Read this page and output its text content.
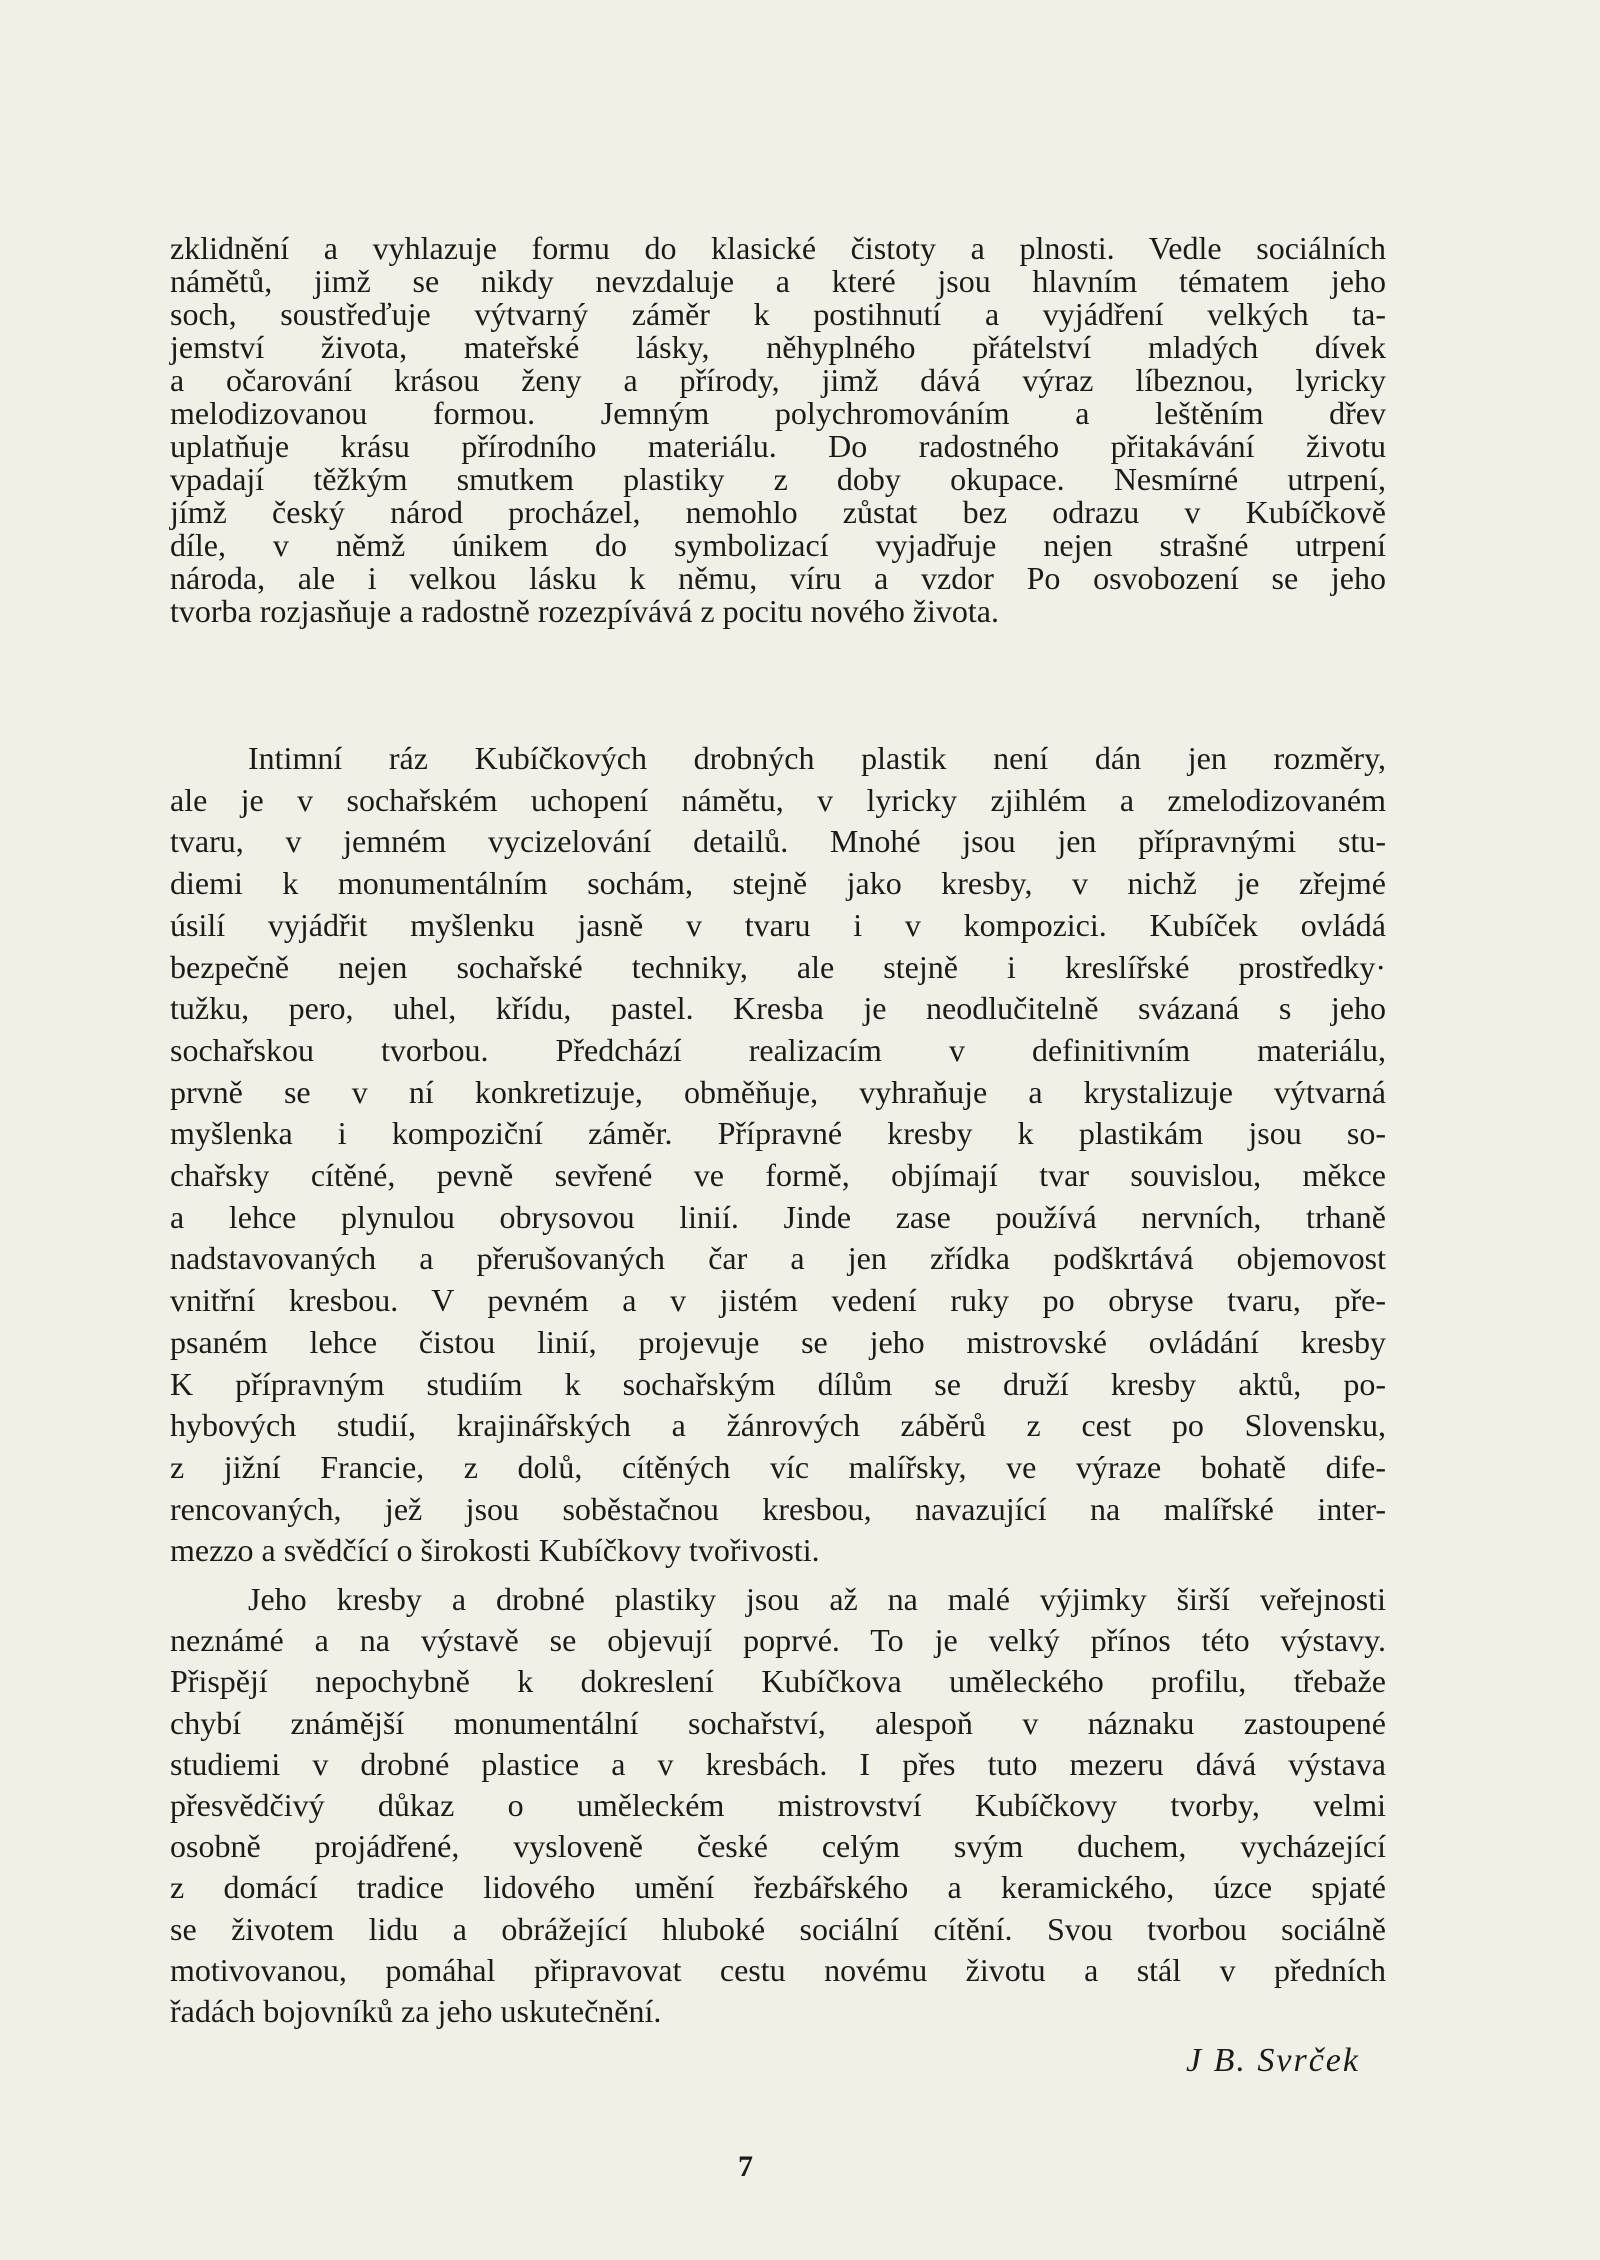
zklidnění a vyhlazuje formu do klasické čistoty a plnosti. Vedle sociálních
námětů, jimž se nikdy nevzdaluje a které jsou hlavním tématem jeho
soch, soustřeďuje výtvarný záměr k postihnutí a vyjádření velkých ta-
jemství života, mateřské lásky, něhyplného přátelství mladých dívek
a očarování krásou ženy a přírody, jimž dává výraz líbeznou, lyricky
melodizovanou formou. Jemným polychromováním a leštěním dřev
uplatňuje krásu přírodního materiálu. Do radostného přitakávání životu
vpadají těžkým smutkem plastiky z doby okupace. Nesmírné utrpení,
jímž český národ procházel, nemohlo zůstat bez odrazu v Kubíčkově
díle, v němž únikem do symbolizací vyjadřuje nejen strašné utrpení
národa, ale i velkou lásku k němu, víru a vzdor Po osvobození se jeho
tvorba rozjasňuje a radostně rozezpívává z pocitu nového života.
Intimní ráz Kubíčkových drobných plastik není dán jen rozměry,
ale je v sochařském uchopení námětu, v lyricky zjihlém a zmelodizovaném
tvaru, v jemném vycizelování detailů. Mnohé jsou jen přípravnými stu-
diemi k monumentálním sochám, stejně jako kresby, v nichž je zřejmé
úsilí vyjádřit myšlenku jasně v tvaru i v kompozici. Kubíček ovládá
bezpečně nejen sochařské techniky, ale stejně i kreslířské prostředky·
tužku, pero, uhel, křídu, pastel. Kresba je neodlučitelně svázaná s jeho
sochařskou tvorbou. Předchází realizacím v definitivním materiálu,
prvně se v ní konkretizuje, obměňuje, vyhraňuje a krystalizuje výtvarná
myšlenka i kompoziční záměr. Přípravné kresby k plastikám jsou so-
chařsky cítěné, pevně sevřené ve formě, objímají tvar souvislou, měkce
a lehce plynulou obrysovou linií. Jinde zase používá nervních, trhaně
nadstavovaných a přerušovaných čar a jen zřídka podškrtává objemovost
vnitřní kresbou. V pevném a v jistém vedení ruky po obryse tvaru, pře-
psaném lehce čistou linií, projevuje se jeho mistrovské ovládání kresby
K přípravným studiím k sochařským dílům se druží kresby aktů, po-
hybových studií, krajinářských a žánrových záběrů z cest po Slovensku,
z jižní Francie, z dolů, cítěných víc malířsky, ve výraze bohatě dife-
rencovaných, jež jsou soběstačnou kresbou, navazující na malířské inter-
mezzo a svědčící o širokosti Kubíčkovy tvořivosti.
Jeho kresby a drobné plastiky jsou až na malé výjimky širší veřejnosti
neznámé a na výstavě se objevují poprvé. To je velký přínos této výstavy.
Přispějí nepochybně k dokreslení Kubíčkova uměleckého profilu, třebaže
chybí známější monumentální sochařství, alespoň v náznaku zastoupené
studiemi v drobné plastice a v kresbách. I přes tuto mezeru dává výstava
přesvědčivý důkaz o uměleckém mistrovství Kubíčkovy tvorby, velmi
osobně projádřené, vysloveně české celým svým duchem, vycházející
z domácí tradice lidového umění řezbářského a keramického, úzce spjaté
se životem lidu a obrážející hluboké sociální cítění. Svou tvorbou sociálně
motivovanou, pomáhal připravovat cestu novému životu a stál v předních
řadách bojovníků za jeho uskutečnění.
J B. Svrček
7
